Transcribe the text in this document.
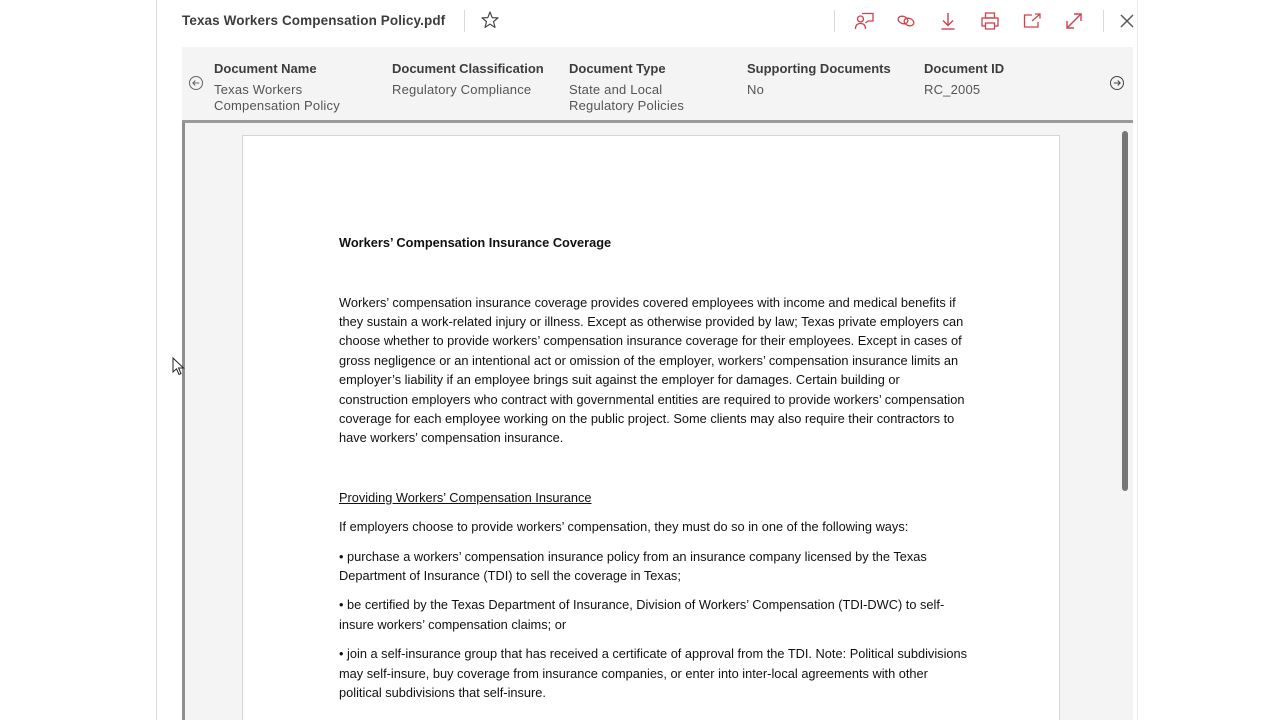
Texas Workers Compensation Policy.pdf
Document Name
Texas Workers Compensation Policy
Document Classification
Regulatory Compliance
Document Type
State and Local Regulatory Policies
Supporting Documents
No
Document ID
RC_2005
Workers’ Compensation Insurance Coverage
Workers’ compensation insurance coverage provides covered employees with income and medical benefits if they sustain a work-related injury or illness. Except as otherwise provided by law; Texas private employers can choose whether to provide workers’ compensation insurance coverage for their employees. Except in cases of gross negligence or an intentional act or omission of the employer, workers’ compensation insurance limits an employer’s liability if an employee brings suit against the employer for damages. Certain building or construction employers who contract with governmental entities are required to provide workers’ compensation coverage for each employee working on the public project. Some clients may also require their contractors to have workers’ compensation insurance.
Providing Workers’ Compensation Insurance
If employers choose to provide workers’ compensation, they must do so in one of the following ways:
• purchase a workers’ compensation insurance policy from an insurance company licensed by the Texas Department of Insurance (TDI) to sell the coverage in Texas;
• be certified by the Texas Department of Insurance, Division of Workers’ Compensation (TDI-DWC) to self-insure workers’ compensation claims; or
• join a self-insurance group that has received a certificate of approval from the TDI. Note: Political subdivisions may self-insure, buy coverage from insurance companies, or enter into inter-local agreements with other political subdivisions that self-insure.
